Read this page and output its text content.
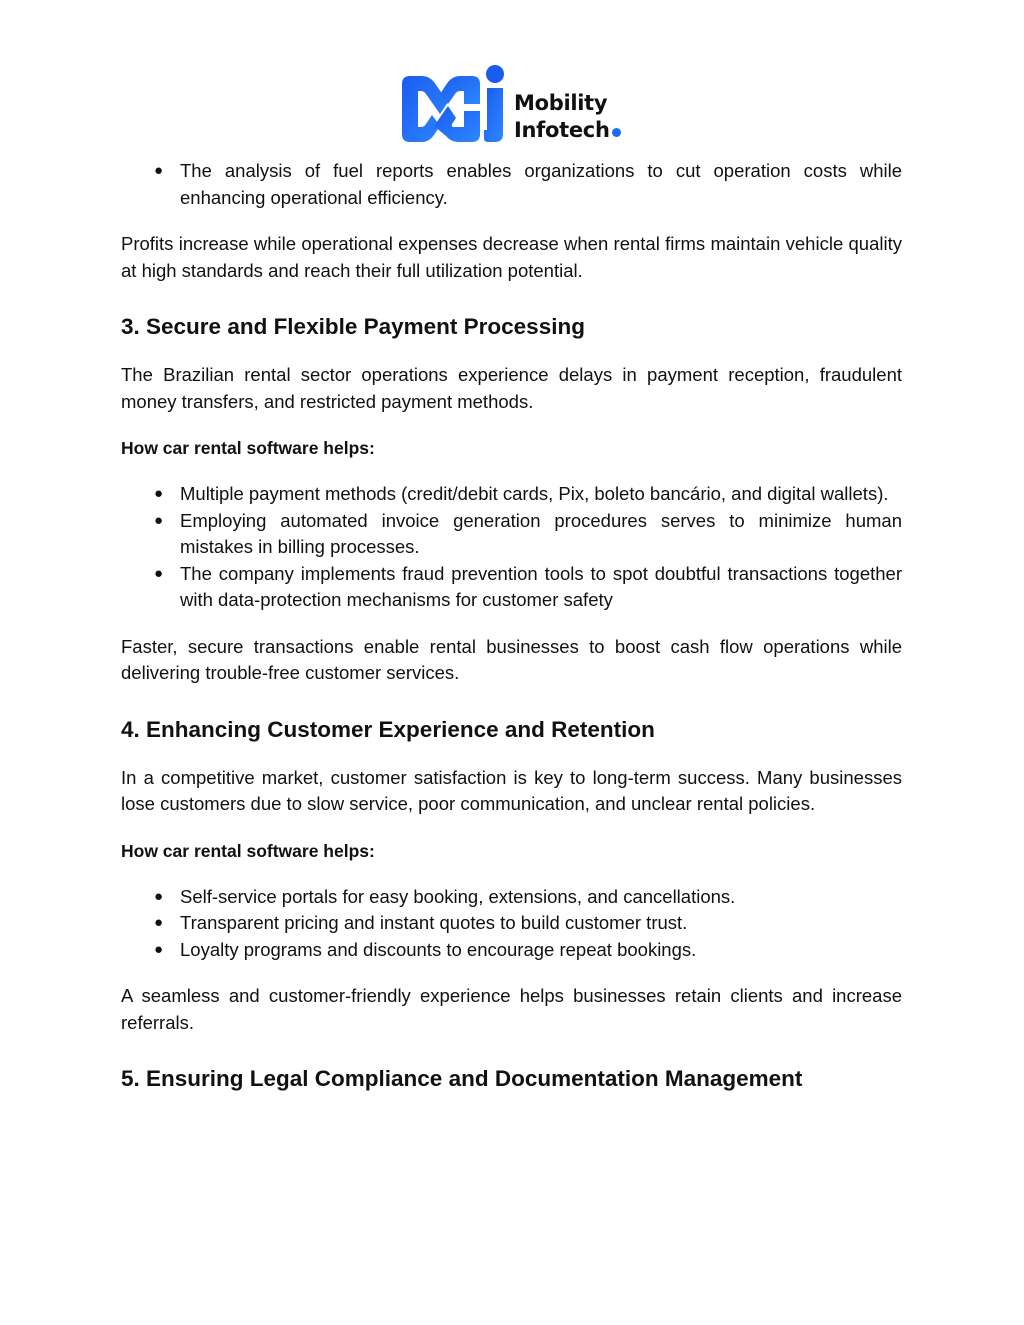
Mobility
Infotech
● The analysis of fuel reports enables organizations to cut operation costs while enhancing operational efficiency.

Profits increase while operational expenses decrease when rental firms maintain vehicle quality at high standards and reach their full utilization potential.

3. Secure and Flexible Payment Processing

The Brazilian rental sector operations experience delays in payment reception, fraudulent money transfers, and restricted payment methods.

How car rental software helps:
● Multiple payment methods (credit/debit cards, Pix, boleto bancário, and digital wallets).
● Employing automated invoice generation procedures serves to minimize human mistakes in billing processes.
● The company implements fraud prevention tools to spot doubtful transactions together with data-protection mechanisms for customer safety

Faster, secure transactions enable rental businesses to boost cash flow operations while delivering trouble-free customer services.

4. Enhancing Customer Experience and Retention

In a competitive market, customer satisfaction is key to long-term success. Many businesses lose customers due to slow service, poor communication, and unclear rental policies.

How car rental software helps:
● Self-service portals for easy booking, extensions, and cancellations.
● Transparent pricing and instant quotes to build customer trust.
● Loyalty programs and discounts to encourage repeat bookings.

A seamless and customer-friendly experience helps businesses retain clients and increase referrals.

5. Ensuring Legal Compliance and Documentation Management
